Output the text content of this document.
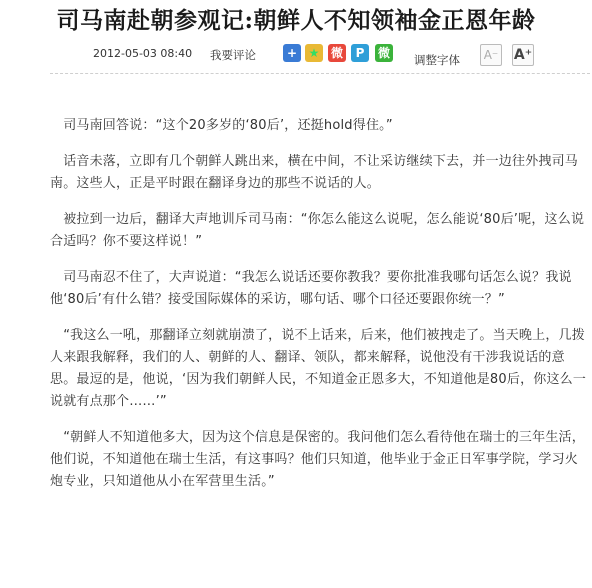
司马南赴朝参观记:朝鲜人不知领袖金正恩年龄
2012-05-03 08:40 我要评论	+ ★ 微	P	微 调整字体	A⁻ A⁺

　司马南回答说：“这个20多岁的‘80后’，还挺hold得住。”

　话音未落，立即有几个朝鲜人跳出来，横在中间，不让采访继续下去，并一边往外拽司马南。这些人，正是平时跟在翻译身边的那些不说话的人。

　被拉到一边后，翻译大声地训斥司马南：“你怎么能这么说呢，怎么能说‘80后’呢，这么说合适吗？你不要这样说！”

　司马南忍不住了，大声说道：“我怎么说话还要你教我？要你批准我哪句话怎么说？我说他‘80后’有什么错？接受国际媒体的采访，哪句话、哪个口径还要跟你统一？”

　“我这么一吼，那翻译立刻就崩溃了，说不上话来，后来，他们被拽走了。当天晚上，几拨人来跟我解释，我们的人、朝鲜的人、翻译、领队，都来解释，说他没有干涉我说话的意思。最逗的是，他说，‘因为我们朝鲜人民，不知道金正恩多大，不知道他是80后，你这么一说就有点那个……’”

　“朝鲜人不知道他多大，因为这个信息是保密的。我问他们怎么看待他在瑞士的三年生活，他们说，不知道他在瑞士生活，有这事吗？他们只知道，他毕业于金正日军事学院，学习火炮专业，只知道他从小在军营里生活。”
